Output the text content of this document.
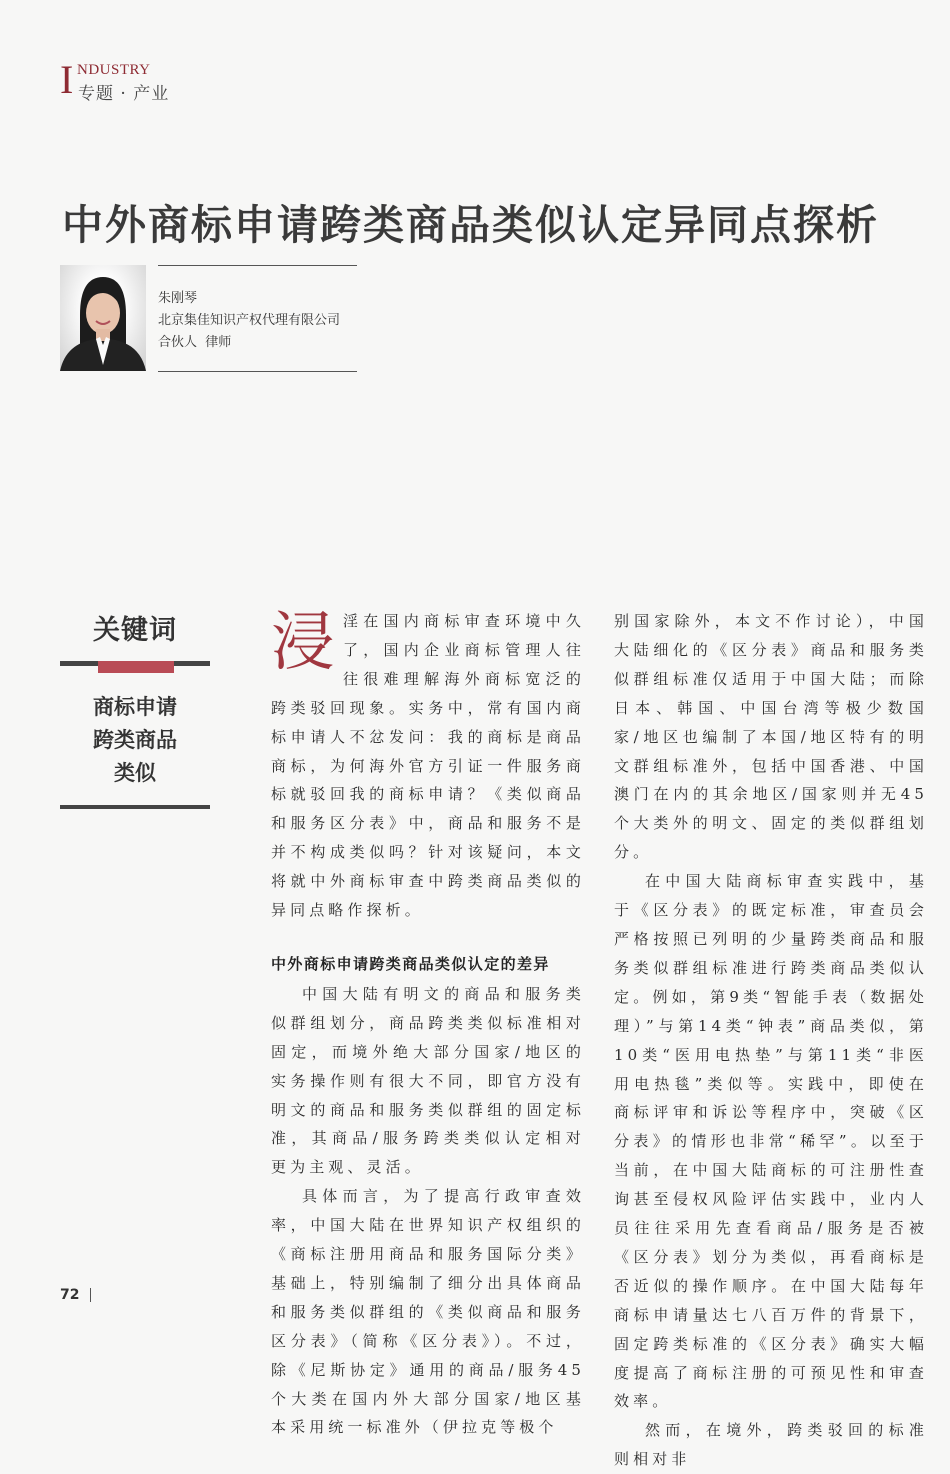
I NDUSTRY
专题 · 产业
中外商标申请跨类商品类似认定异同点探析
朱刚琴
北京集佳知识产权代理有限公司
合伙人  律师
关键词
商标申请
跨类商品
类似

浸淫在国内商标审查环境中久了，国内企业商标管理人往往很难理解海外商标宽泛的跨类驳回现象。实务中，常有国内商标申请人不忿发问：我的商标是商品商标，为何海外官方引证一件服务商标就驳回我的商标申请？《类似商品和服务区分表》中，商品和服务不是并不构成类似吗？针对该疑问，本文将就中外商标审查中跨类商品类似的异同点略作探析。

中外商标申请跨类商品类似认定的差异

中国大陆有明文的商品和服务类似群组划分，商品跨类类似标准相对固定，而境外绝大部分国家/地区的实务操作则有很大不同，即官方没有明文的商品和服务类似群组的固定标准，其商品/服务跨类类似认定相对更为主观、灵活。

具体而言，为了提高行政审查效率，中国大陆在世界知识产权组织的《商标注册用商品和服务国际分类》基础上，特别编制了细分出具体商品和服务类似群组的《类似商品和服务区分表》（简称《区分表》）。不过，除《尼斯协定》通用的商品/服务45个大类在国内外大部分国家/地区基本采用统一标准外（伊拉克等极个

别国家除外，本文不作讨论），中国大陆细化的《区分表》商品和服务类似群组标准仅适用于中国大陆；而除日本、韩国、中国台湾等极少数国家/地区也编制了本国/地区特有的明文群组标准外，包括中国香港、中国澳门在内的其余地区/国家则并无45个大类外的明文、固定的类似群组划分。

在中国大陆商标审查实践中，基于《区分表》的既定标准，审查员会严格按照已列明的少量跨类商品和服务类似群组标准进行跨类商品类似认定。例如，第9类“智能手表（数据处理）”与第14类“钟表”商品类似，第10类“医用电热垫”与第11类“非医用电热毯”类似等。实践中，即使在商标评审和诉讼等程序中，突破《区分表》的情形也非常“稀罕”。以至于当前，在中国大陆商标的可注册性查询甚至侵权风险评估实践中，业内人员往往采用先查看商品/服务是否被《区分表》划分为类似，再看商标是否近似的操作顺序。在中国大陆每年商标申请量达七八百万件的背景下，固定跨类标准的《区分表》确实大幅度提高了商标注册的可预见性和审查效率。

然而，在境外，跨类驳回的标准则相对非

72
